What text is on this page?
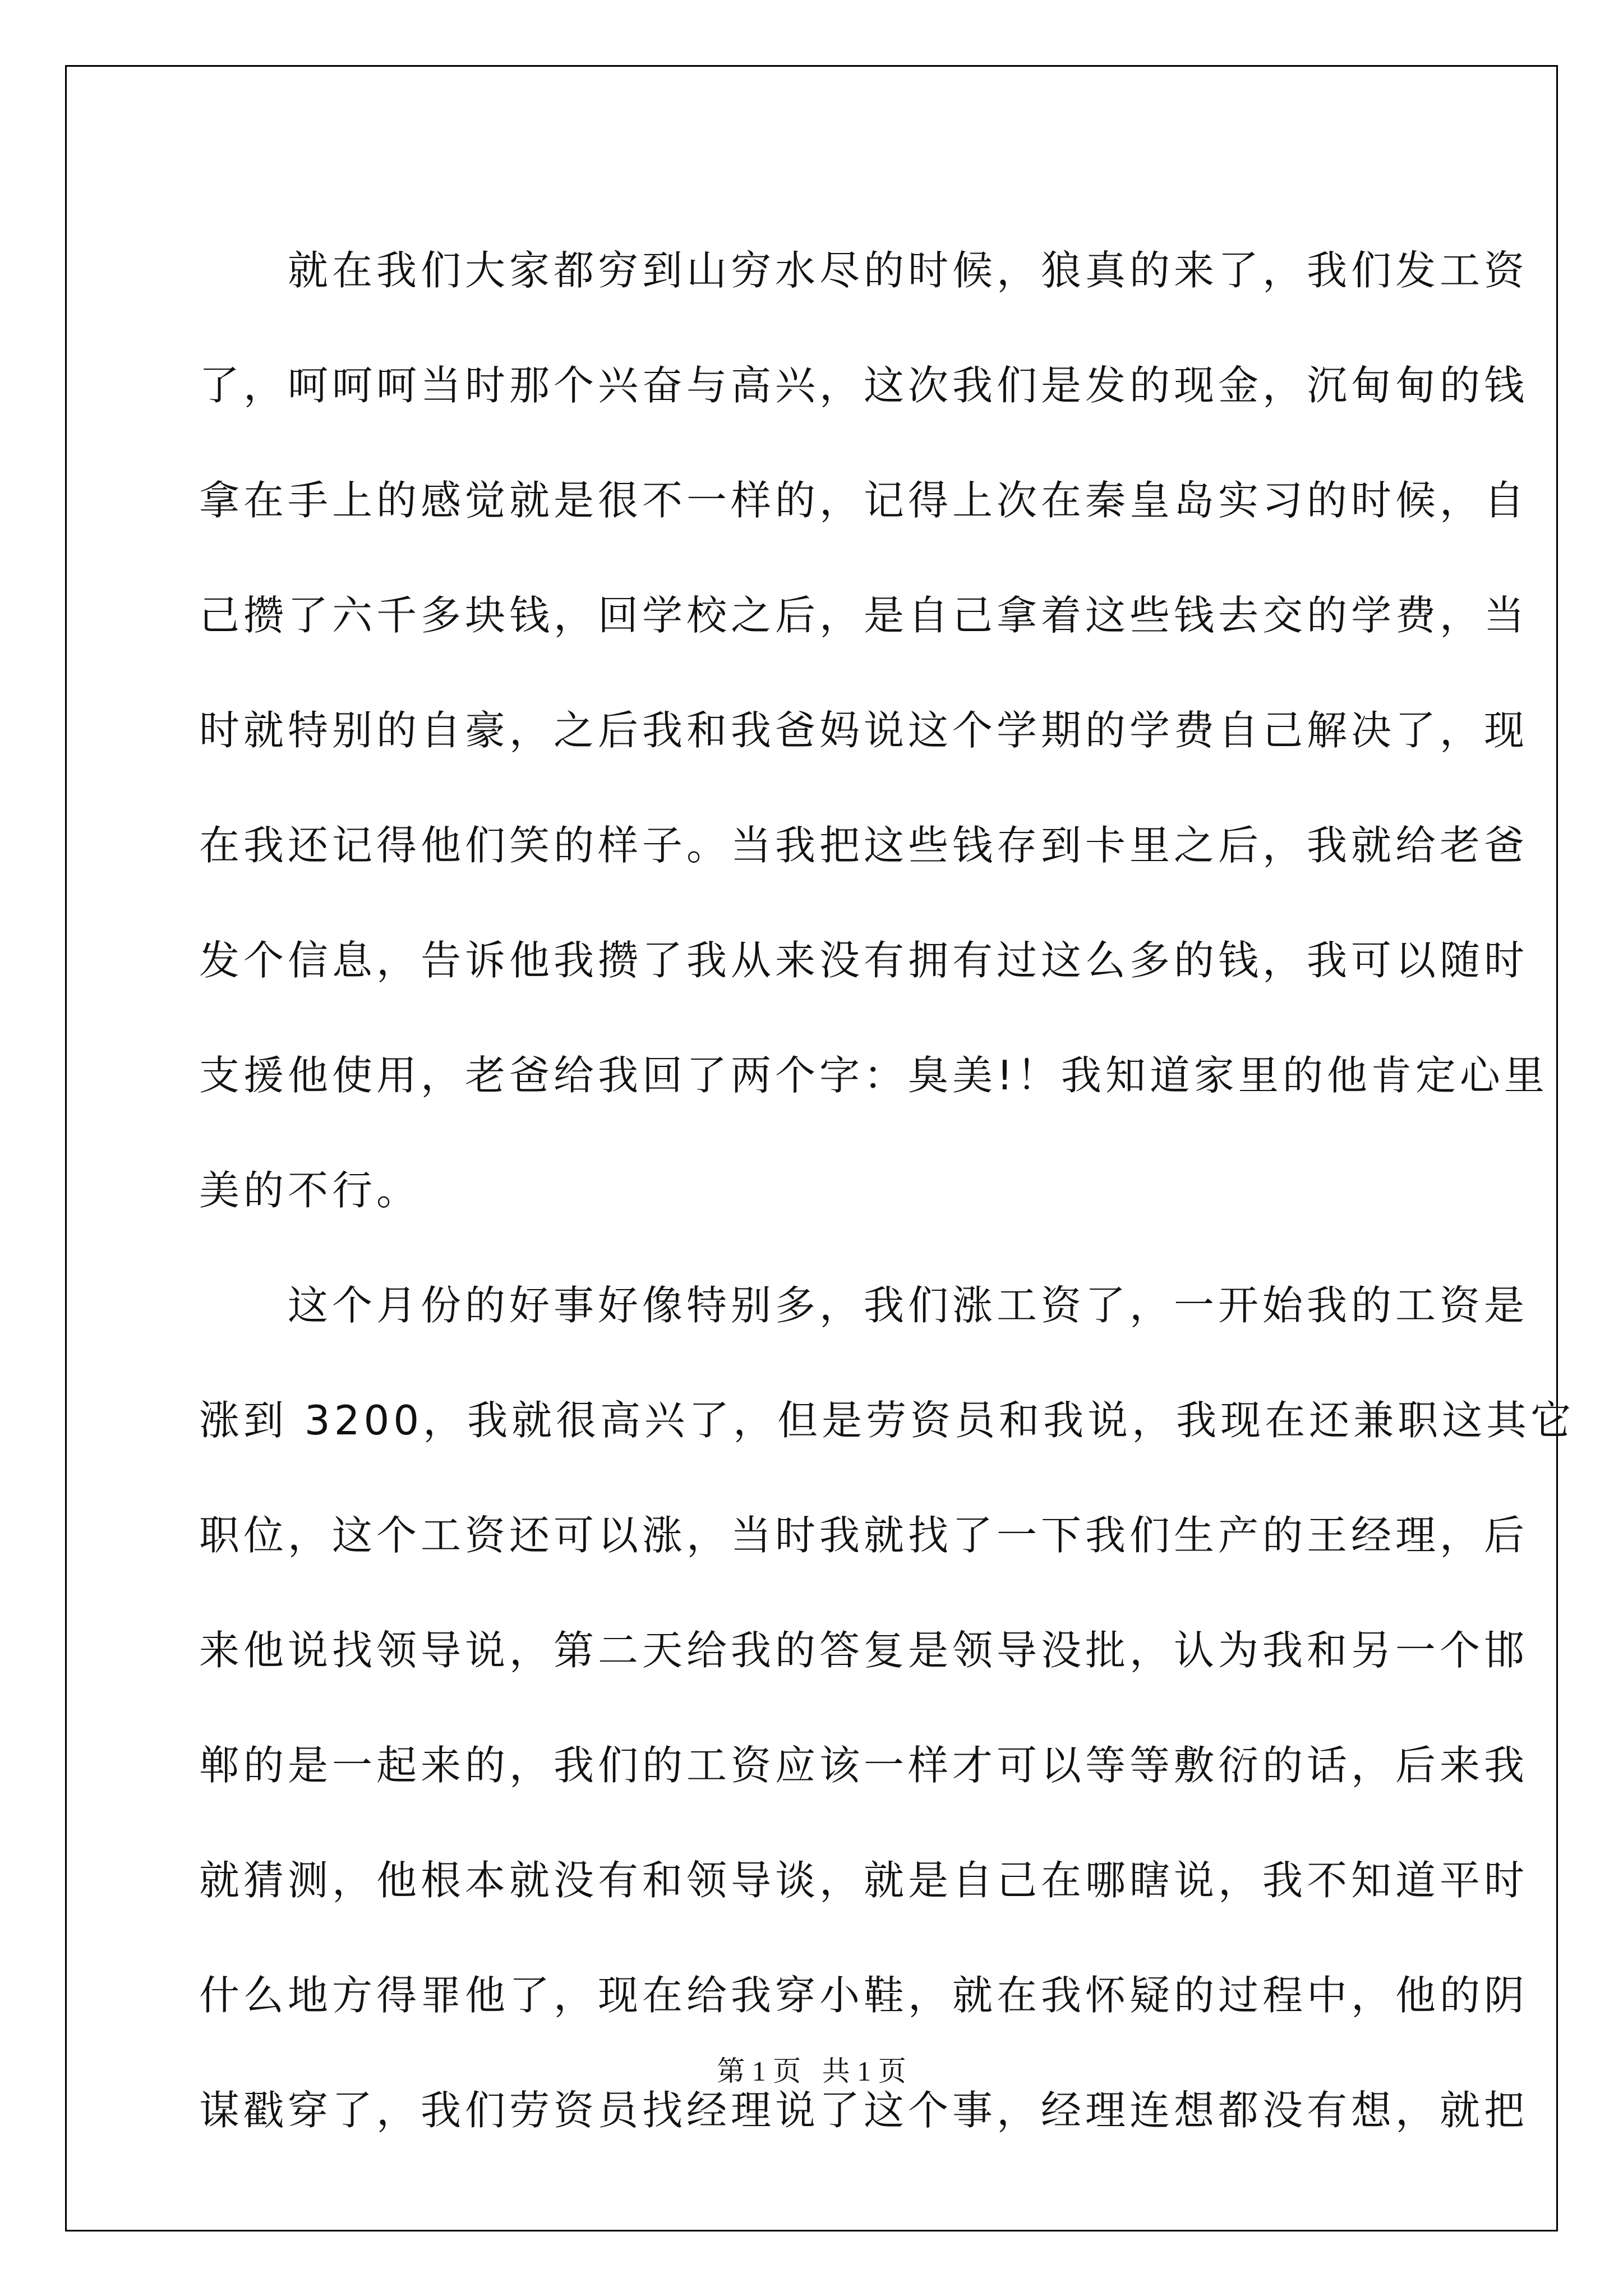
就在我们大家都穷到山穷水尽的时候，狼真的来了，我们发工资
了，呵呵呵当时那个兴奋与高兴，这次我们是发的现金，沉甸甸的钱
拿在手上的感觉就是很不一样的，记得上次在秦皇岛实习的时候，自
己攒了六千多块钱，回学校之后，是自己拿着这些钱去交的学费，当
时就特别的自豪，之后我和我爸妈说这个学期的学费自己解决了，现
在我还记得他们笑的样子。当我把这些钱存到卡里之后，我就给老爸
发个信息，告诉他我攒了我从来没有拥有过这么多的钱，我可以随时
支援他使用，老爸给我回了两个字：臭美!！我知道家里的他肯定心里
美的不行。

这个月份的好事好像特别多，我们涨工资了，一开始我的工资是
涨到 3200，我就很高兴了，但是劳资员和我说，我现在还兼职这其它
职位，这个工资还可以涨，当时我就找了一下我们生产的王经理，后
来他说找领导说，第二天给我的答复是领导没批，认为我和另一个邯
郸的是一起来的，我们的工资应该一样才可以等等敷衍的话，后来我
就猜测，他根本就没有和领导谈，就是自己在哪瞎说，我不知道平时
什么地方得罪他了，现在给我穿小鞋，就在我怀疑的过程中，他的阴
谋戳穿了，我们劳资员找经理说了这个事，经理连想都没有想，就把

第 1 页   共 1 页
